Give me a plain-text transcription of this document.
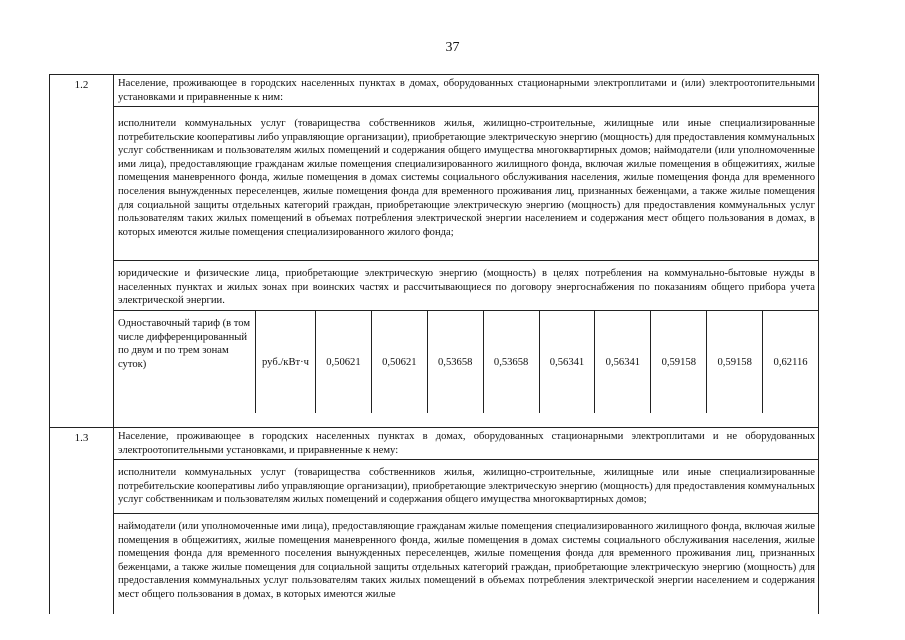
37
1.2	Население, проживающее в городских населенных пунктах в домах, оборудованных стационарными электроплитами и (или) электроотопительными установками и приравненные к ним:
исполнители коммунальных услуг (товарищества собственников жилья, жилищно-строительные, жилищные или иные специализированные потребительские кооперативы либо управляющие организации), приобретающие электрическую энергию (мощность) для предоставления коммунальных услуг собственникам и пользователям жилых помещений и содержания общего имущества многоквартирных домов; наймодатели (или уполномоченные ими лица), предоставляющие гражданам жилые помещения специализированного жилищного фонда, включая жилые помещения в общежитиях, жилые помещения маневренного фонда, жилые помещения в домах системы социального обслуживания населения, жилые помещения фонда для временного поселения вынужденных переселенцев, жилые помещения фонда для временного проживания лиц, признанных беженцами, а также жилые помещения для социальной защиты отдельных категорий граждан, приобретающие электрическую энергию (мощность) для предоставления коммунальных услуг пользователям таких жилых помещений в объемах потребления электрической энергии населением и содержания мест общего пользования в домах, в которых имеются жилые помещения специализированного жилого фонда;
юридические и физические лица, приобретающие электрическую энергию (мощность) в целях потребления на коммунально-бытовые нужды в населенных пунктах и жилых зонах при воинских частях и рассчитывающиеся по договору энергоснабжения по показаниям общего прибора учета электрической энергии.
Одноставочный тариф (в том числе дифференцированный по двум и по трем зонам суток)	руб./кВт·ч	0,50621	0,50621	0,53658	0,53658	0,56341	0,56341	0,59158	0,59158	0,62116
1.3	Население, проживающее в городских населенных пунктах в домах, оборудованных стационарными электроплитами и не оборудованных электроотопительными установками, и приравненные к нему:
исполнители коммунальных услуг (товарищества собственников жилья, жилищно-строительные, жилищные или иные специализированные потребительские кооперативы либо управляющие организации), приобретающие электрическую энергию (мощность) для предоставления коммунальных услуг собственникам и пользователям жилых помещений и содержания общего имущества многоквартирных домов;
наймодатели (или уполномоченные ими лица), предоставляющие гражданам жилые помещения специализированного жилищного фонда, включая жилые помещения в общежитиях, жилые помещения маневренного фонда, жилые помещения в домах системы социального обслуживания населения, жилые помещения фонда для временного поселения вынужденных переселенцев, жилые помещения фонда для временного проживания лиц, признанных беженцами, а также жилые помещения для социальной защиты отдельных категорий граждан, приобретающие электрическую энергию (мощность) для предоставления коммунальных услуг пользователям таких жилых помещений в объемах потребления электрической энергии населением и содержания мест общего пользования в домах, в которых имеются жилые
